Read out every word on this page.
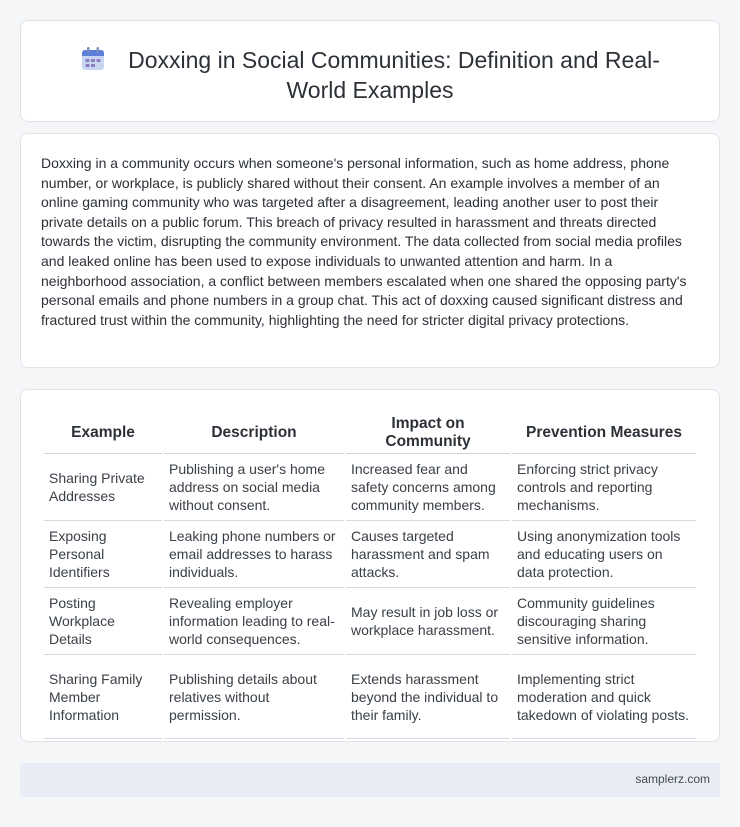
Doxxing in Social Communities: Definition and Real-World Examples

Doxxing in a community occurs when someone's personal information, such as home address, phone number, or workplace, is publicly shared without their consent. An example involves a member of an online gaming community who was targeted after a disagreement, leading another user to post their private details on a public forum. This breach of privacy resulted in harassment and threats directed towards the victim, disrupting the community environment. The data collected from social media profiles and leaked online has been used to expose individuals to unwanted attention and harm. In a neighborhood association, a conflict between members escalated when one shared the opposing party's personal emails and phone numbers in a group chat. This act of doxxing caused significant distress and fractured trust within the community, highlighting the need for stricter digital privacy protections.

Example	Description	Impact on Community	Prevention Measures
Sharing Private Addresses	Publishing a user's home address on social media without consent.	Increased fear and safety concerns among community members.	Enforcing strict privacy controls and reporting mechanisms.
Exposing Personal Identifiers	Leaking phone numbers or email addresses to harass individuals.	Causes targeted harassment and spam attacks.	Using anonymization tools and educating users on data protection.
Posting Workplace Details	Revealing employer information leading to real-world consequences.	May result in job loss or workplace harassment.	Community guidelines discouraging sharing sensitive information.
Sharing Family Member Information	Publishing details about relatives without permission.	Extends harassment beyond the individual to their family.	Implementing strict moderation and quick takedown of violating posts.
samplerz.com
